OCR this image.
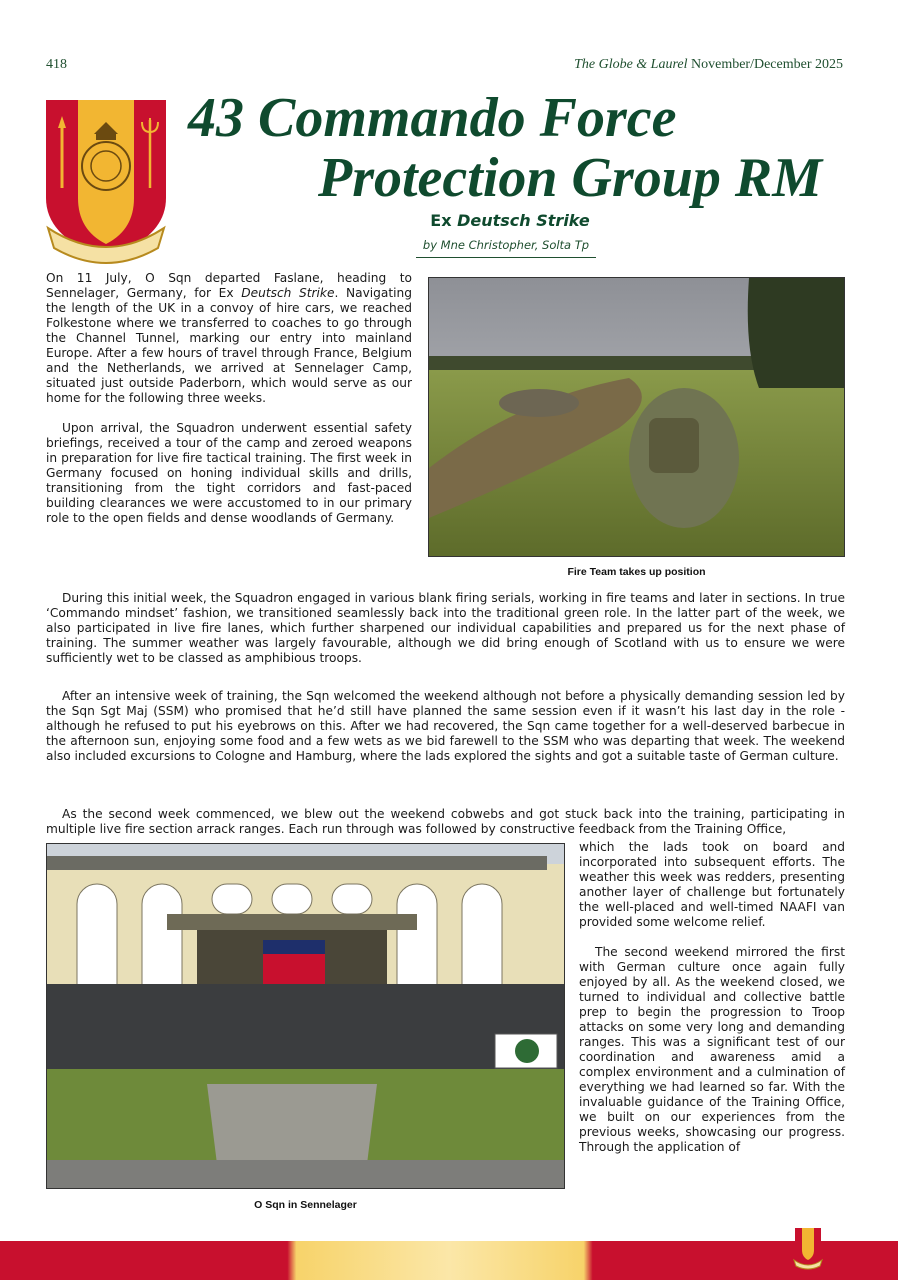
418	The Globe & Laurel November/December 2025
43 Commando Force
Protection Group RM
Ex Deutsch Strike
by Mne Christopher, Solta Tp

On 11 July, O Sqn departed Faslane, heading to Sennelager, Germany, for Ex Deutsch Strike. Navigating the length of the UK in a convoy of hire cars, we reached Folkestone where we transferred to coaches to go through the Channel Tunnel, marking our entry into mainland Europe. After a few hours of travel through France, Belgium and the Netherlands, we arrived at Sennelager Camp, situated just outside Paderborn, which would serve as our home for the following three weeks.

Upon arrival, the Squadron underwent essential safety briefings, received a tour of the camp and zeroed weapons in preparation for live fire tactical training. The first week in Germany focused on honing individual skills and drills, transitioning from the tight corridors and fast-paced building clearances we were accustomed to in our primary role to the open fields and dense woodlands of Germany.

Fire Team takes up position

During this initial week, the Squadron engaged in various blank firing serials, working in fire teams and later in sections. In true ‘Commando mindset’ fashion, we transitioned seamlessly back into the traditional green role. In the latter part of the week, we also participated in live fire lanes, which further sharpened our individual capabilities and prepared us for the next phase of training. The summer weather was largely favourable, although we did bring enough of Scotland with us to ensure we were sufficiently wet to be classed as amphibious troops.

After an intensive week of training, the Sqn welcomed the weekend although not before a physically demanding session led by the Sqn Sgt Maj (SSM) who promised that he’d still have planned the same session even if it wasn’t his last day in the role - although he refused to put his eyebrows on this. After we had recovered, the Sqn came together for a well-deserved barbecue in the afternoon sun, enjoying some food and a few wets as we bid farewell to the SSM who was departing that week. The weekend also included excursions to Cologne and Hamburg, where the lads explored the sights and got a suitable taste of German culture.

As the second week commenced, we blew out the weekend cobwebs and got stuck back into the training, participating in multiple live fire section arrack ranges. Each run through was followed by constructive feedback from the Training Office,

O Sqn in Sennelager

which the lads took on board and incorporated into subsequent efforts. The weather this week was redders, presenting another layer of challenge but fortunately the well-placed and well-timed NAAFI van provided some welcome relief.

The second weekend mirrored the first with German culture once again fully enjoyed by all. As the weekend closed, we turned to individual and collective battle prep to begin the progression to Troop attacks on some very long and demanding ranges. This was a significant test of our coordination and awareness amid a complex environment and a culmination of everything we had learned so far. With the invaluable guidance of the Training Office, we built on our experiences from the previous weeks, showcasing our progress. Through the application of
